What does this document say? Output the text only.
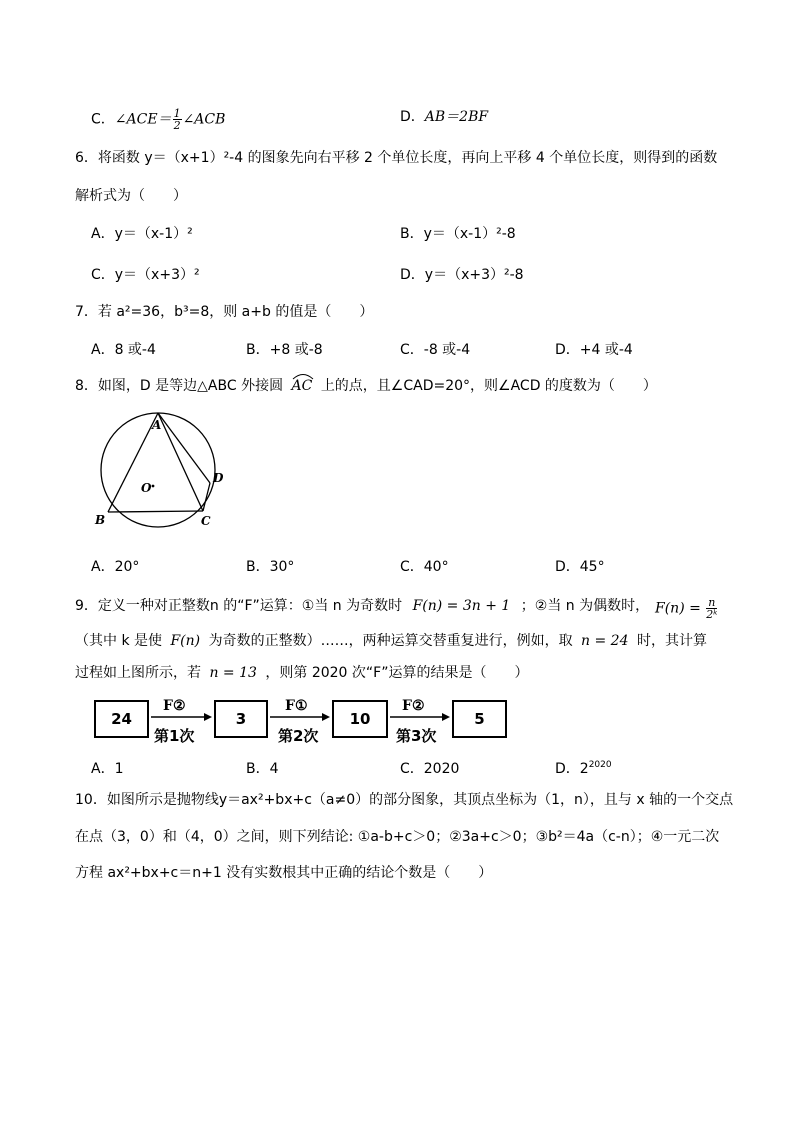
C．∠ACE＝ $\frac{1}{2}$ ∠ACB	D．AB＝2BF
6．将函数 y＝（x+1）²-4 的图象先向右平移 2 个单位长度，再向上平移 4 个单位长度，则得到的函数
解析式为（　　）
A．y＝（x-1）²	B．y＝（x-1）²-8
C．y＝（x+3）²	D．y＝（x+3）²-8
7．若 a²=36，b³=8，则 a+b 的值是（　　）
A．8 或-4	B．+8 或-8	C．-8 或-4	D．+4 或-4
8．如图，D 是等边△ABC 外接圆 AC 上的点，且∠CAD=20°，则∠ACD 的度数为（　　）
A
B	C
D
O
A．20°	B．30°	C．40°	D．45°
9．定义一种对正整数n 的“F”运算：①当 n 为奇数时 F(n) = 3n + 1 ；②当 n 为偶数时， $F(n) = \frac{n}{\text{2ᵏ}}$
（其中 k 是使 F(n) 为奇数的正整数）……，两种运算交替重复进行，例如，取 n = 24 时，其计算
过程如上图所示，若 n = 13 ，则第 2020 次“F”运算的结果是（　　）
24	3	10	5
F②	F①	F②
第1次	第2次	第3次
A．1	B．4	C．2020	D．$2^{2020}$
10．如图所示是抛物线y＝ax²+bx+c（a≠0）的部分图象，其顶点坐标为（1，n），且与 x 轴的一个交点
在点（3，0）和（4，0）之间，则下列结论: ①a-b+c＞0；②3a+c＞0；③b²＝4a（c-n）；④一元二次
方程 ax²+bx+c＝n+1 没有实数根其中正确的结论个数是（　　）
